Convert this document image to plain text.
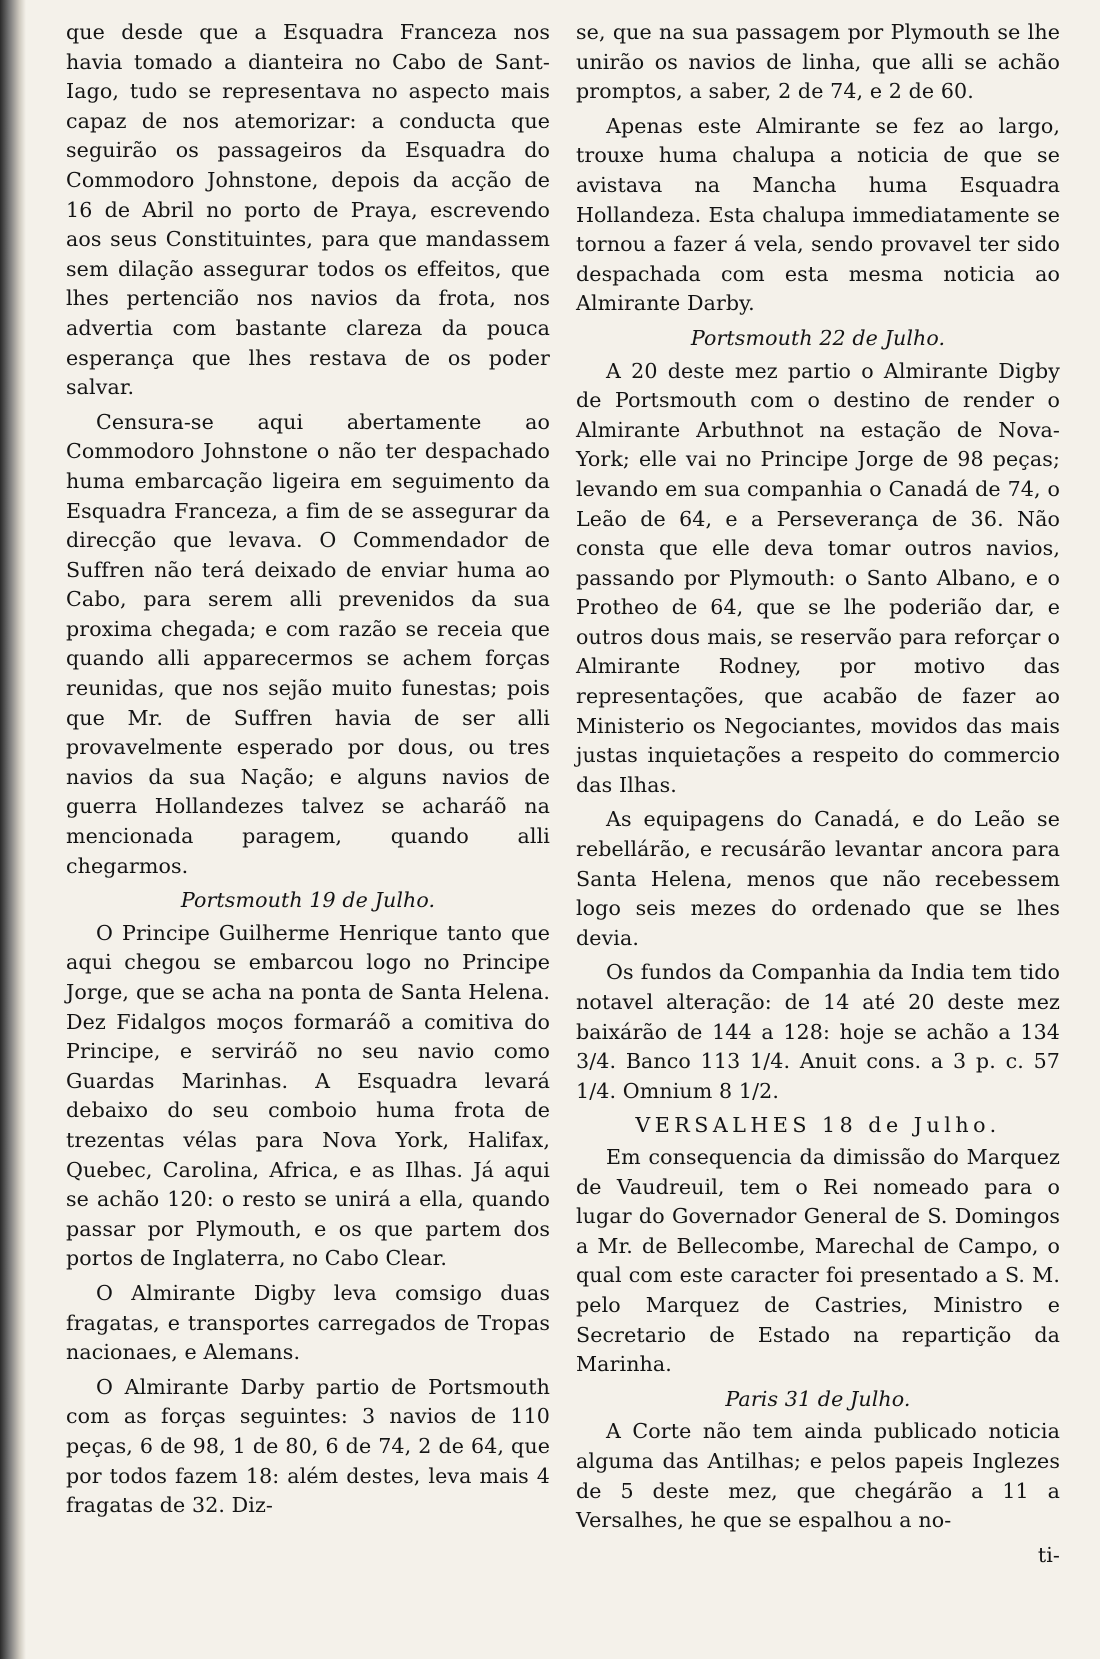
que desde que a Esquadra Franceza nos havia tomado a dianteira no Cabo de Sant-Iago, tudo se representava no aspecto mais capaz de nos atemorizar: a conducta que seguirão os passageiros da Esquadra do Commodoro Johnstone, depois da acção de 16 de Abril no porto de Praya, escrevendo aos seus Constituintes, para que mandassem sem dilação assegurar todos os effeitos, que lhes pertencião nos navios da frota, nos advertia com bastante clareza da pouca esperança que lhes restava de os poder salvar.

Censura-se aqui abertamente ao Commodoro Johnstone o não ter despachado huma embarcação ligeira em seguimento da Esquadra Franceza, a fim de se assegurar da direcção que levava. O Commendador de Suffren não terá deixado de enviar huma ao Cabo, para serem alli prevenidos da sua proxima chegada; e com razão se receia que quando alli apparecermos se achem forças reunidas, que nos sejão muito funestas; pois que Mr. de Suffren havia de ser alli provavelmente esperado por dous, ou tres navios da sua Nação; e alguns navios de guerra Hollandezes talvez se acharáõ na mencionada paragem, quando alli chegarmos.

Portsmouth 19 de Julho.

O Principe Guilherme Henrique tanto que aqui chegou se embarcou logo no Principe Jorge, que se acha na ponta de Santa Helena. Dez Fidalgos moços formaráõ a comitiva do Principe, e serviráõ no seu navio como Guardas Marinhas. A Esquadra levará debaixo do seu comboio huma frota de trezentas vélas para Nova York, Halifax, Quebec, Carolina, Africa, e as Ilhas. Já aqui se achão 120: o resto se unirá a ella, quando passar por Plymouth, e os que partem dos portos de Inglaterra, no Cabo Clear.

O Almirante Digby leva comsigo duas fragatas, e transportes carregados de Tropas nacionaes, e Alemans.

O Almirante Darby partio de Portsmouth com as forças seguintes: 3 navios de 110 peças, 6 de 98, 1 de 80, 6 de 74, 2 de 64, que por todos fazem 18: além destes, leva mais 4 fragatas de 32. Diz-

se, que na sua passagem por Plymouth se lhe unirão os navios de linha, que alli se achão promptos, a saber, 2 de 74, e 2 de 60.

Apenas este Almirante se fez ao largo, trouxe huma chalupa a noticia de que se avistava na Mancha huma Esquadra Hollandeza. Esta chalupa immediatamente se tornou a fazer á vela, sendo provavel ter sido despachada com esta mesma noticia ao Almirante Darby.

Portsmouth 22 de Julho.

A 20 deste mez partio o Almirante Digby de Portsmouth com o destino de render o Almirante Arbuthnot na estação de Nova-York; elle vai no Principe Jorge de 98 peças; levando em sua companhia o Canadá de 74, o Leão de 64, e a Perseverança de 36. Não consta que elle deva tomar outros navios, passando por Plymouth: o Santo Albano, e o Protheo de 64, que se lhe poderião dar, e outros dous mais, se reservão para reforçar o Almirante Rodney, por motivo das representações, que acabão de fazer ao Ministerio os Negociantes, movidos das mais justas inquietações a respeito do commercio das Ilhas.

As equipagens do Canadá, e do Leão se rebellárão, e recusárão levantar ancora para Santa Helena, menos que não recebessem logo seis mezes do ordenado que se lhes devia.

Os fundos da Companhia da India tem tido notavel alteração: de 14 até 20 deste mez baixárão de 144 a 128: hoje se achão a 134 3/4. Banco 113 1/4. Anuit cons. a 3 p. c. 57 1/4. Omnium 8 1/2.

VERSALHES 18 de Julho.

Em consequencia da dimissão do Marquez de Vaudreuil, tem o Rei nomeado para o lugar do Governador General de S. Domingos a Mr. de Bellecombe, Marechal de Campo, o qual com este caracter foi presentado a S. M. pelo Marquez de Castries, Ministro e Secretario de Estado na repartição da Marinha.

Paris 31 de Julho.

A Corte não tem ainda publicado noticia alguma das Antilhas; e pelos papeis Inglezes de 5 deste mez, que chegárão a 11 a Versalhes, he que se espalhou a no-

ti-
